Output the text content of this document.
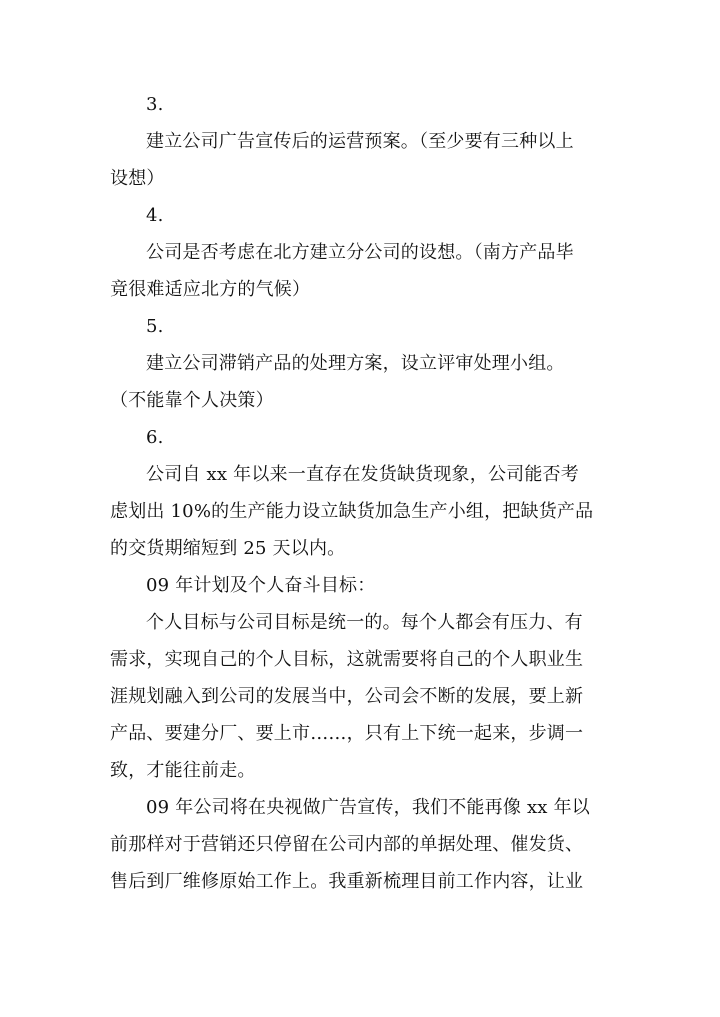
3.
建立公司广告宣传后的运营预案。（至少要有三种以上
设想）
4.
公司是否考虑在北方建立分公司的设想。（南方产品毕
竟很难适应北方的气候）
5.
建立公司滞销产品的处理方案，设立评审处理小组。
（不能靠个人决策）
6.
公司自 xx 年以来一直存在发货缺货现象，公司能否考
虑划出 10%的生产能力设立缺货加急生产小组，把缺货产品
的交货期缩短到 25 天以内。
09 年计划及个人奋斗目标：
个人目标与公司目标是统一的。每个人都会有压力、有
需求，实现自己的个人目标，这就需要将自己的个人职业生
涯规划融入到公司的发展当中，公司会不断的发展，要上新
产品、要建分厂、要上市……，只有上下统一起来，步调一
致，才能往前走。
09 年公司将在央视做广告宣传，我们不能再像 xx 年以
前那样对于营销还只停留在公司内部的单据处理、催发货、
售后到厂维修原始工作上。我重新梳理目前工作内容，让业
